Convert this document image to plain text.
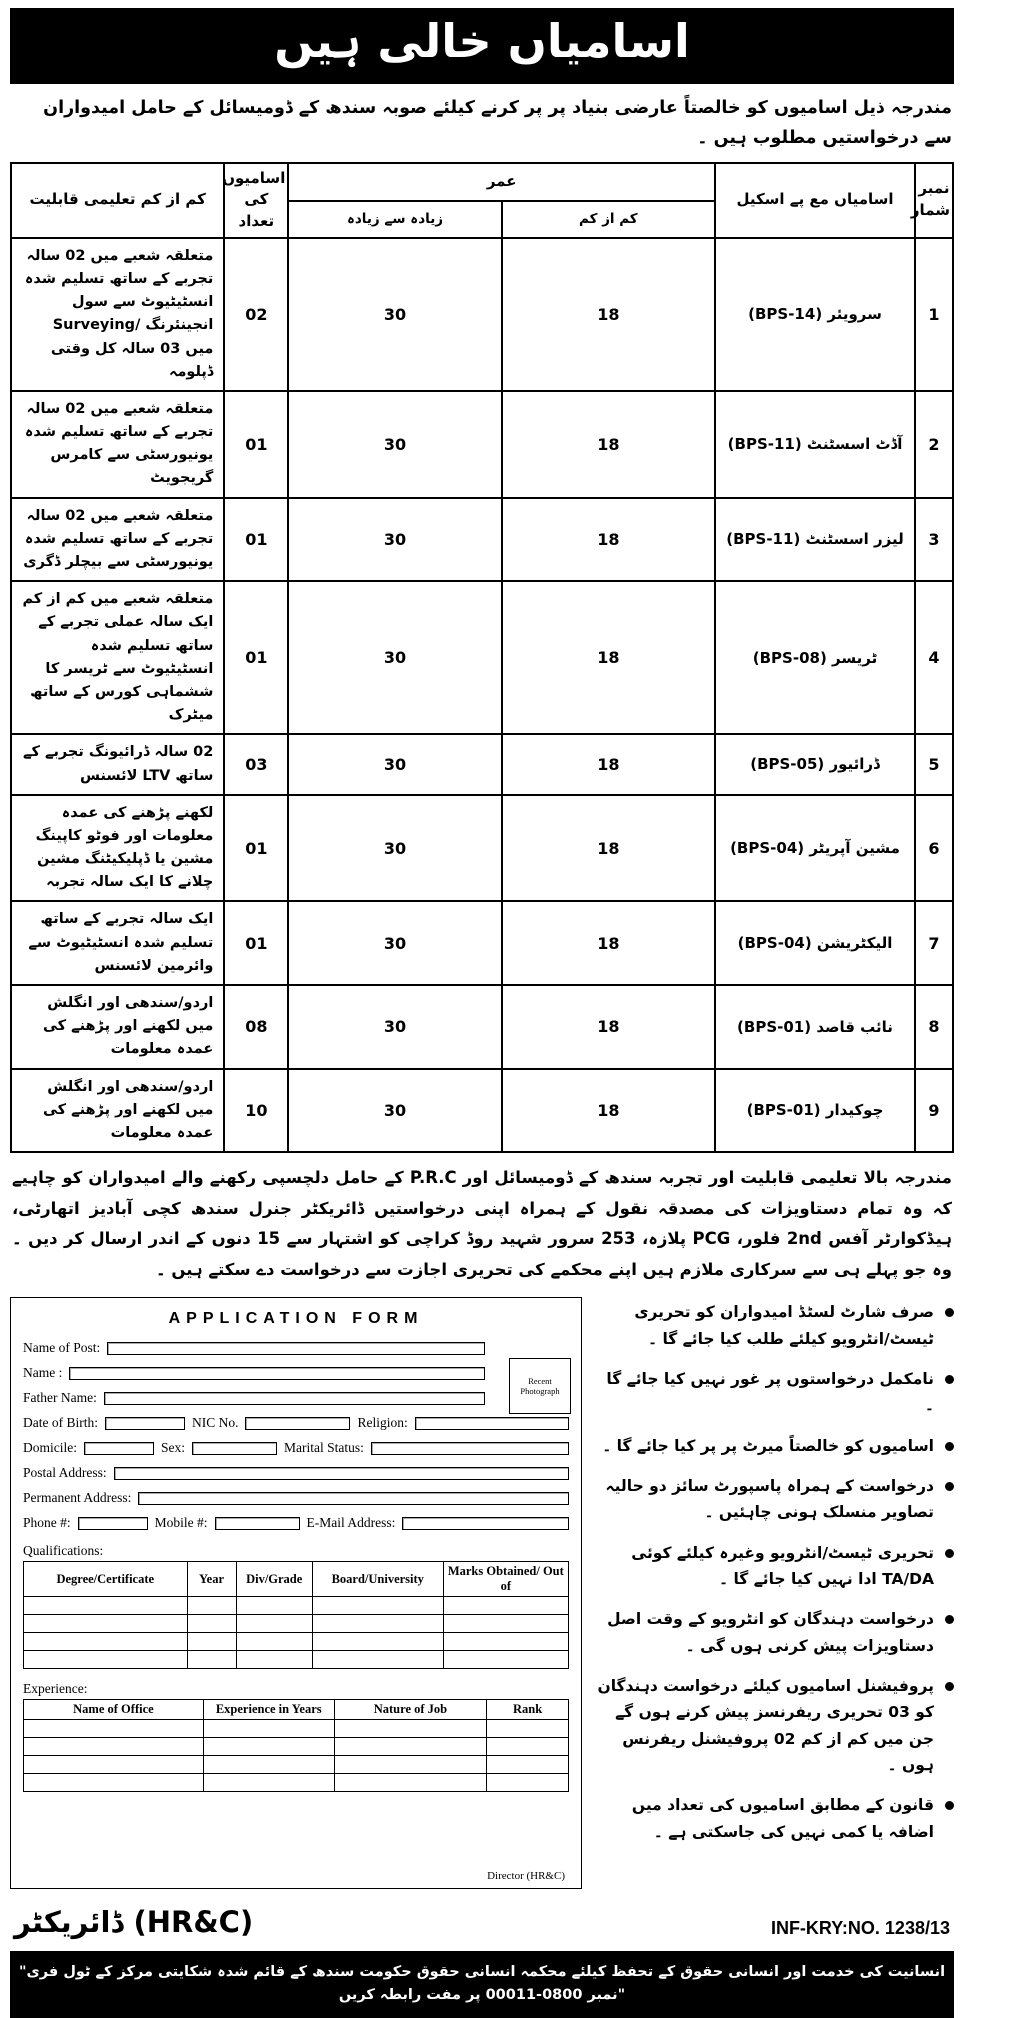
اسامیاں خالی ہیں

مندرجہ ذیل اسامیوں کو خالصتاً عارضی بنیاد پر پر کرنے کیلئے صوبہ سندھ کے ڈومیسائل کے حامل امیدواران سے درخواستیں مطلوب ہیں ۔

نمبر شمار	اسامیاں مع پے اسکیل	عمر		اسامیوں کی تعداد	کم از کم تعلیمی قابلیت
		کم از کم	زیادہ سے زیادہ		
1	سرویئر (BPS-14)	18	30	02	متعلقہ شعبے میں 02 سالہ تجربے کے ساتھ تسلیم شدہ انسٹیٹیوٹ سے سول انجینئرنگ /Surveying میں 03 سالہ کل وقتی ڈپلومہ
2	آڈٹ اسسٹنٹ (BPS-11)	18	30	01	متعلقہ شعبے میں 02 سالہ تجربے کے ساتھ تسلیم شدہ یونیورسٹی سے کامرس گریجویٹ
3	لیزر اسسٹنٹ (BPS-11)	18	30	01	متعلقہ شعبے میں 02 سالہ تجربے کے ساتھ تسلیم شدہ یونیورسٹی سے بیچلر ڈگری
4	ٹریسر (BPS-08)	18	30	01	متعلقہ شعبے میں کم از کم ایک سالہ عملی تجربے کے ساتھ تسلیم شدہ انسٹیٹیوٹ سے ٹریسر کا ششماہی کورس کے ساتھ میٹرک
5	ڈرائیور (BPS-05)	18	30	03	02 سالہ ڈرائیونگ تجربے کے ساتھ LTV لائسنس
6	مشین آپریٹر (BPS-04)	18	30	01	لکھنے پڑھنے کی عمدہ معلومات اور فوٹو کاپینگ مشین یا ڈپلیکیٹنگ مشین چلانے کا ایک سالہ تجربہ
7	الیکٹریشن (BPS-04)	18	30	01	ایک سالہ تجربے کے ساتھ تسلیم شدہ انسٹیٹیوٹ سے وائرمین لائسنس
8	نائب قاصد (BPS-01)	18	30	08	اردو/سندھی اور انگلش میں لکھنے اور پڑھنے کی عمدہ معلومات
9	چوکیدار (BPS-01)	18	30	10	اردو/سندھی اور انگلش میں لکھنے اور پڑھنے کی عمدہ معلومات

مندرجہ بالا تعلیمی قابلیت اور تجربہ سندھ کے ڈومیسائل اور P.R.C کے حامل دلچسپی رکھنے والے امیدواران کو چاہیے کہ وہ تمام دستاویزات کی مصدقہ نقول کے ہمراہ اپنی درخواستیں ڈائریکٹر جنرل سندھ کچی آبادیز اتھارٹی، ہیڈکوارٹر آفس 2nd فلور، PCG پلازہ، 253 سرور شہید روڈ کراچی کو اشتہار سے 15 دنوں کے اندر ارسال کر دیں ۔ وہ جو پہلے ہی سے سرکاری ملازم ہیں اپنے محکمے کی تحریری اجازت سے درخواست دے سکتے ہیں ۔

APPLICATION FORM
Recent Photograph
Name of Post:
Name :
Father Name:
Date of Birth:	NIC No.	Religion:
Domicile:	Sex:	Marital Status:
Postal Address:
Permanent Address:
Phone #:	Mobile #:	E-Mail Address:
Qualifications:
Degree/Certificate	Year	Div/Grade	Board/University	Marks Obtained/ Out of

Experience:
Name of Office	Experience in Years	Nature of Job	Rank

Director (HR&C)
صرف شارٹ لسٹڈ امیدواران کو تحریری ٹیسٹ/انٹرویو کیلئے طلب کیا جائے گا ۔
نامکمل درخواستوں پر غور نہیں کیا جائے گا ۔
اسامیوں کو خالصتاً میرٹ پر پر کیا جائے گا ۔
درخواست کے ہمراہ پاسپورٹ سائز دو حالیہ تصاویر منسلک ہونی چاہئیں ۔
تحریری ٹیسٹ/انٹرویو وغیرہ کیلئے کوئی TA/DA ادا نہیں کیا جائے گا ۔
درخواست دہندگان کو انٹرویو کے وقت اصل دستاویزات پیش کرنی ہوں گی ۔
پروفیشنل اسامیوں کیلئے درخواست دہندگان کو 03 تحریری ریفرنسز پیش کرنے ہوں گے جن میں کم از کم 02 پروفیشنل ریفرنس ہوں ۔
قانون کے مطابق اسامیوں کی تعداد میں اضافہ یا کمی نہیں کی جاسکتی ہے ۔
ڈائریکٹر (HR&C)	INF-KRY:NO. 1238/13
"انسانیت کی خدمت اور انسانی حقوق کے تحفظ کیلئے محکمہ انسانی حقوق حکومت سندھ کے قائم شدہ شکایتی مرکز کے ٹول فری نمبر 0800-00011 پر مفت رابطہ کریں"
